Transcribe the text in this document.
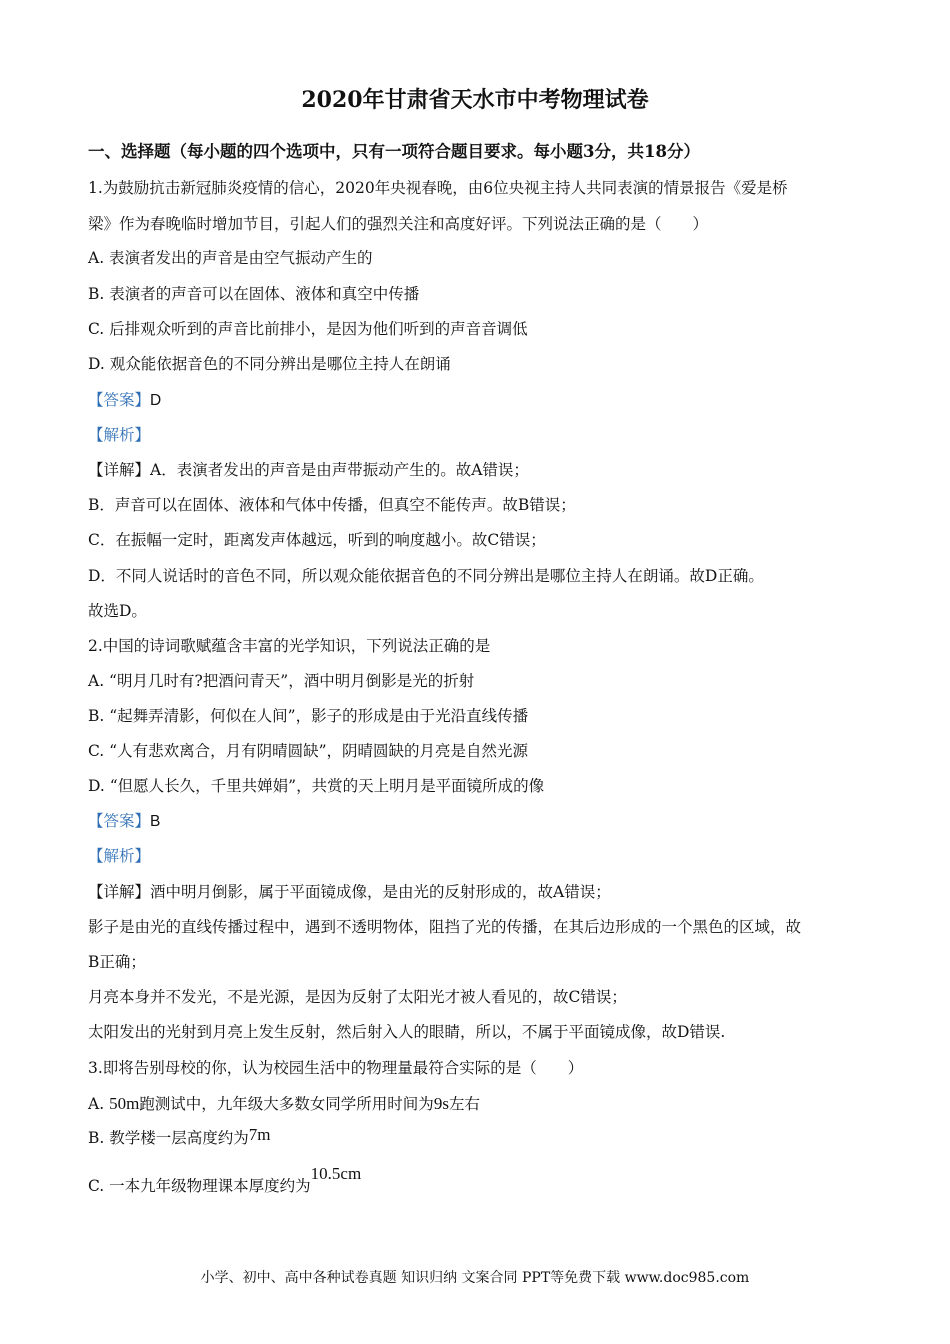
2020年甘肃省天水市中考物理试卷
一、选择题（每小题的四个选项中，只有一项符合题目要求。每小题3分，共18分）
1.为鼓励抗击新冠肺炎疫情的信心，2020年央视春晚，由6位央视主持人共同表演的情景报告《爱是桥
梁》作为春晚临时增加节目，引起人们的强烈关注和高度好评。下列说法正确的是（　　）
A. 表演者发出的声音是由空气振动产生的
B. 表演者的声音可以在固体、液体和真空中传播
C. 后排观众听到的声音比前排小，是因为他们听到的声音音调低
D. 观众能依据音色的不同分辨出是哪位主持人在朗诵
【答案】D
【解析】
【详解】A．表演者发出的声音是由声带振动产生的。故A错误；
B．声音可以在固体、液体和气体中传播，但真空不能传声。故B错误；
C．在振幅一定时，距离发声体越远，听到的响度越小。故C错误；
D．不同人说话时的音色不同，所以观众能依据音色的不同分辨出是哪位主持人在朗诵。故D正确。
故选D。
2.中国的诗词歌赋蕴含丰富的光学知识，下列说法正确的是
A. “明月几时有?把酒问青天”，酒中明月倒影是光的折射
B. “起舞弄清影，何似在人间”，影子的形成是由于光沿直线传播
C. “人有悲欢离合，月有阴晴圆缺”，阴晴圆缺的月亮是自然光源
D. “但愿人长久，千里共婵娟”，共赏的天上明月是平面镜所成的像
【答案】B
【解析】
【详解】酒中明月倒影，属于平面镜成像，是由光的反射形成的，故A错误；
影子是由光的直线传播过程中，遇到不透明物体，阻挡了光的传播，在其后边形成的一个黑色的区域，故
B正确；
月亮本身并不发光，不是光源，是因为反射了太阳光才被人看见的，故C错误；
太阳发出的光射到月亮上发生反射，然后射入人的眼睛，所以，不属于平面镜成像，故D错误.
3.即将告别母校的你，认为校园生活中的物理量最符合实际的是（　　）
A. 50m跑测试中，九年级大多数女同学所用时间为9s左右
B. 教学楼一层高度约为7m
C. 一本九年级物理课本厚度约为10.5cm
小学、初中、高中各种试卷真题 知识归纳 文案合同 PPT等免费下载 www.doc985.com
